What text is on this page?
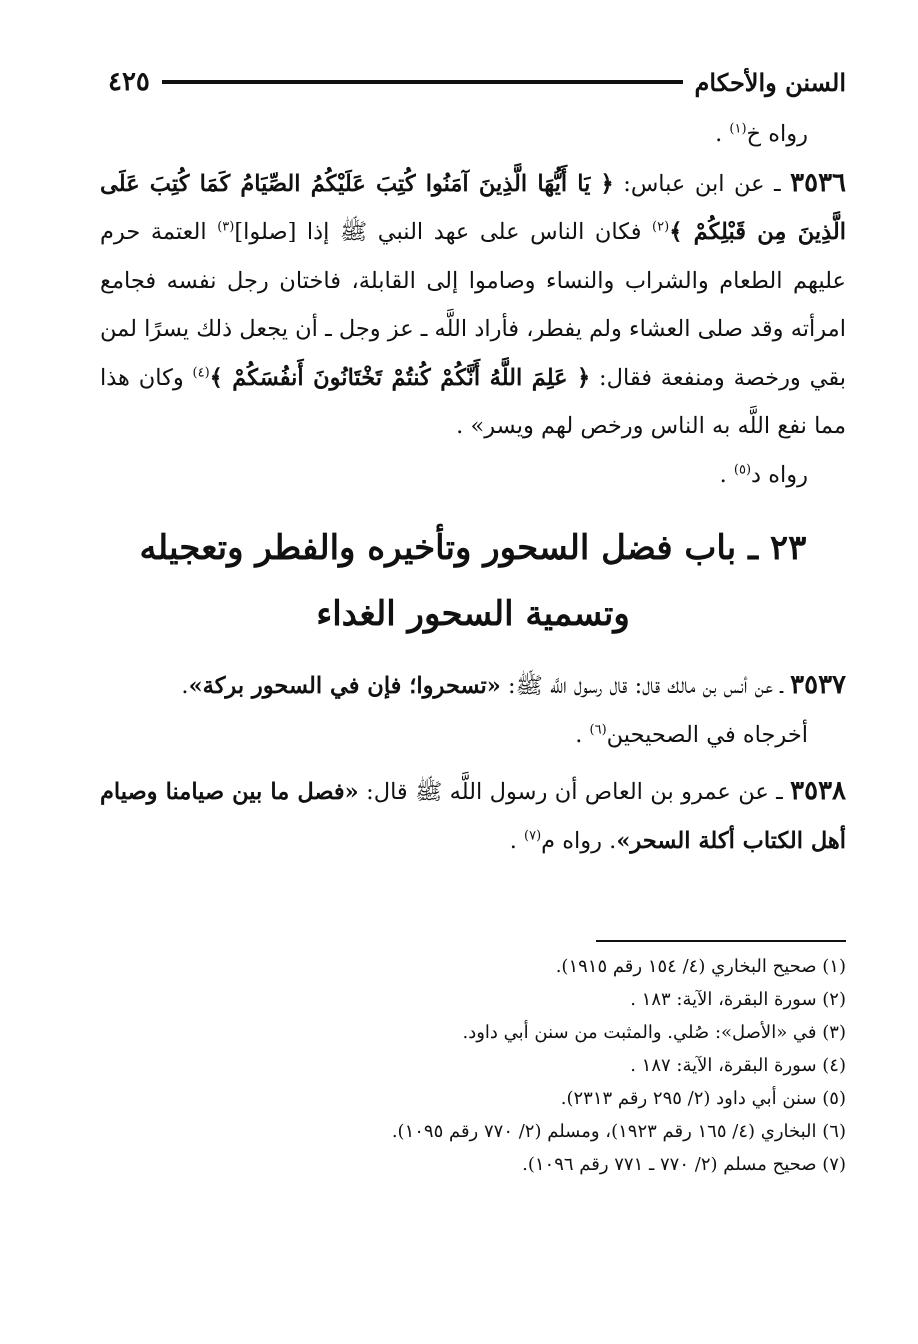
السنن والأحكام
٤٢٥

رواه خ$^{(١)}$ .

٣٥٣٦ ـ عن ابن عباس: ﴿ يَا أَيُّهَا الَّذِينَ آمَنُوا كُتِبَ عَلَيْكُمُ الصِّيَامُ كَمَا كُتِبَ عَلَى الَّذِينَ مِن قَبْلِكُمْ ﴾$^{(٢)}$ فكان الناس على عهد النبي ﷺ إذا [صلوا]$^{(٣)}$ العتمة حرم عليهم الطعام والشراب والنساء وصاموا إلى القابلة، فاختان رجل نفسه فجامع امرأته وقد صلى العشاء ولم يفطر، فأراد اللَّه ـ عز وجل ـ أن يجعل ذلك يسرًا لمن بقي ورخصة ومنفعة فقال: ﴿ عَلِمَ اللَّهُ أَنَّكُمْ كُنتُمْ تَخْتَانُونَ أَنفُسَكُمْ ﴾$^{(٤)}$ وكان هذا مما نفع اللَّه به الناس ورخص لهم ويسر» .

رواه د$^{(٥)}$ .

٢٣ ـ باب فضل السحور وتأخيره والفطر وتعجيله
وتسمية السحور الغداء

٣٥٣٧ ـ عن أنس بن مالك قال: قال رسول اللَّه ﷺ: «تسحروا؛ فإن في السحور بركة».

أخرجاه في الصحيحين$^{(٦)}$ .

٣٥٣٨ ـ عن عمرو بن العاص أن رسول اللَّه ﷺ قال: «فصل ما بين صيامنا وصيام أهل الكتاب أكلة السحر». رواه م$^{(٧)}$ .

(١) صحيح البخاري (٤/ ١٥٤ رقم ١٩١٥).

(٢) سورة البقرة، الآية: ١٨٣ .

(٣) في «الأصل»: صُلي. والمثبت من سنن أبي داود.

(٤) سورة البقرة، الآية: ١٨٧ .

(٥) سنن أبي داود (٢/ ٢٩٥ رقم ٢٣١٣).

(٦) البخاري (٤/ ١٦٥ رقم ١٩٢٣)، ومسلم (٢/ ٧٧٠ رقم ١٠٩٥).

(٧) صحيح مسلم (٢/ ٧٧٠ ـ ٧٧١ رقم ١٠٩٦).
